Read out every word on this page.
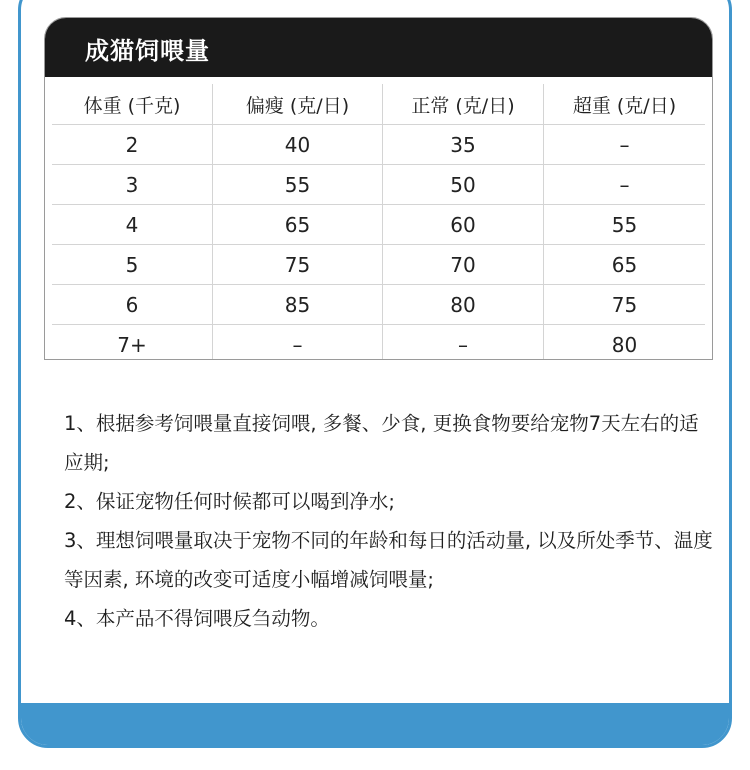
成猫饲喂量
体重 (千克)	偏瘦 (克/日)	正常 (克/日)	超重 (克/日)
2	40	35	–
3	55	50	–
4	65	60	55
5	75	70	65
6	85	80	75
7+	–	–	80

1、根据参考饲喂量直接饲喂, 多餐、少食, 更换食物要给宠物7天左右的适应期;

2、保证宠物任何时候都可以喝到净水;

3、理想饲喂量取决于宠物不同的年龄和每日的活动量, 以及所处季节、温度等因素, 环境的改变可适度小幅增减饲喂量;

4、本产品不得饲喂反刍动物。
